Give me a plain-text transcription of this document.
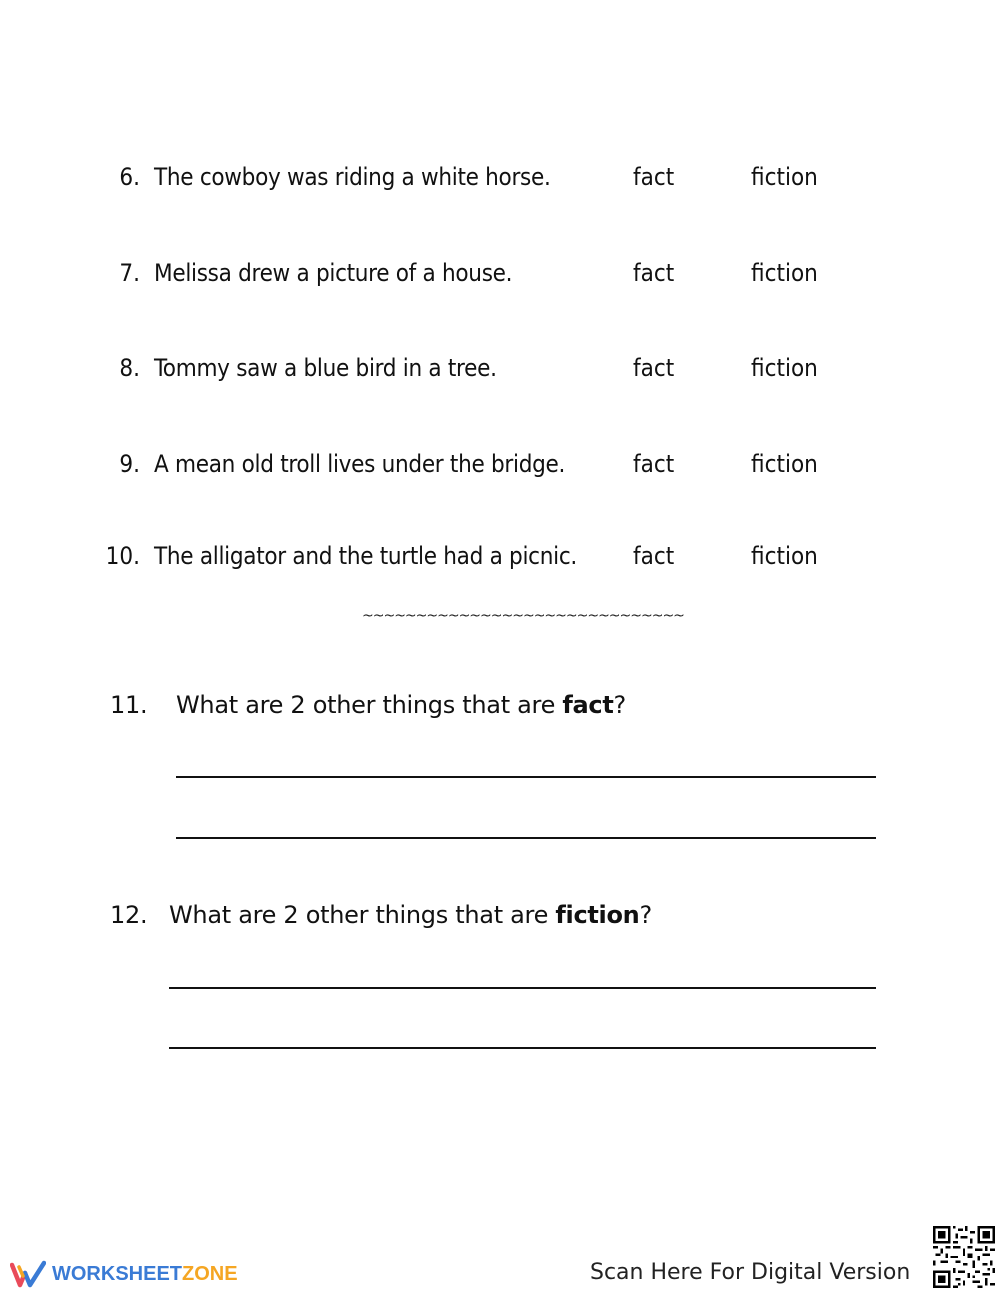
6. The cowboy was riding a white horse.	fact	fiction
7. Melissa drew a picture of a house.	fact	fiction
8. Tommy saw a blue bird in a tree.	fact	fiction
9. A mean old troll lives under the bridge.	fact	fiction
10. The alligator and the turtle had a picnic. fact	fiction
~~~~~~~~~~~~~~~~~~~~~~~~~~~~~~
11. What are 2 other things that are fact?
12. What are 2 other things that are fiction?
WORKSHEETZONE	Scan Here For Digital Version
